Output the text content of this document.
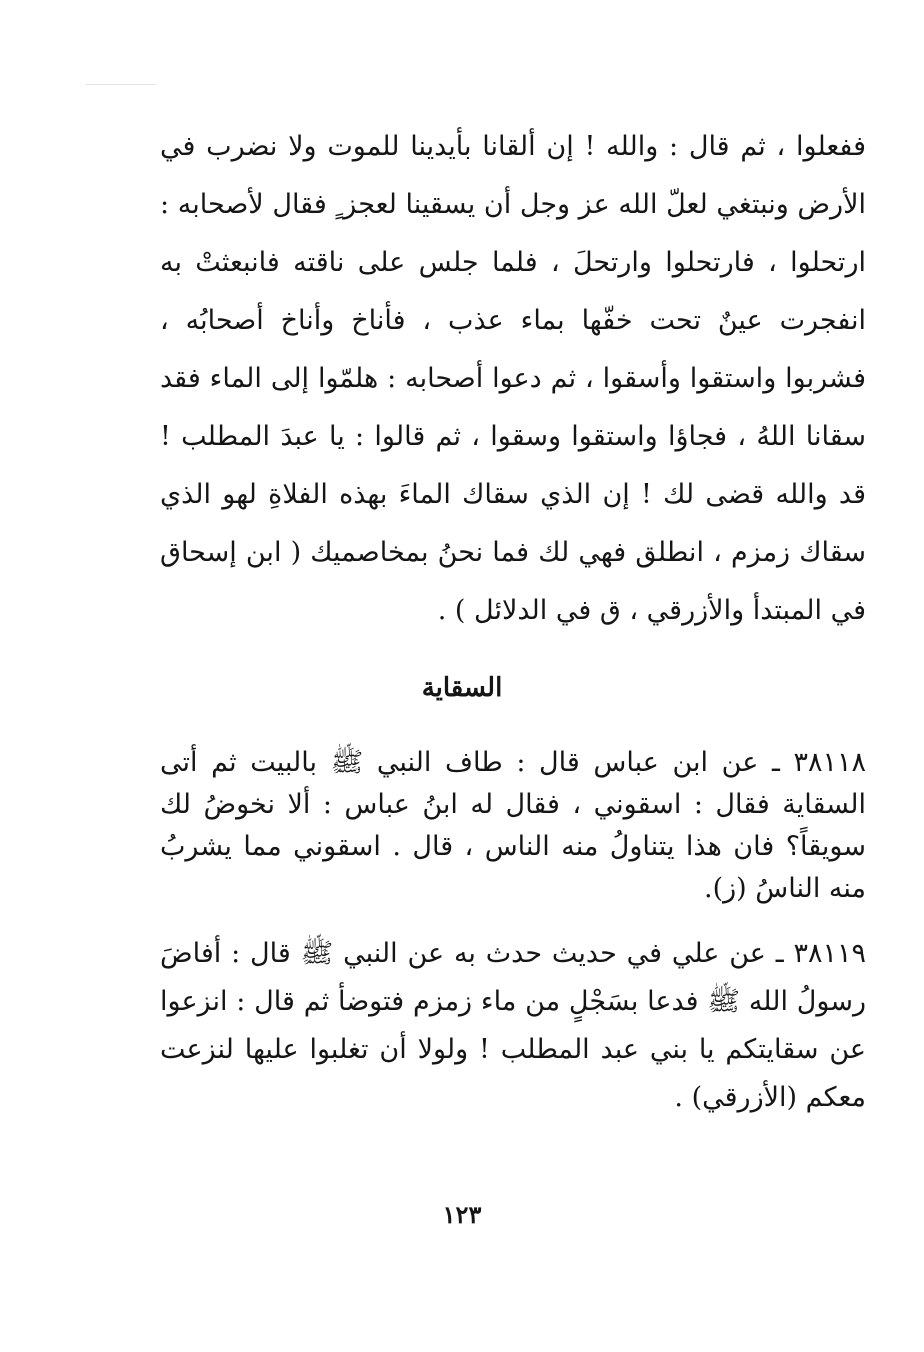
ففعلوا ، ثم قال : والله ! إن ألقانا بأيدينا للموت ولا نضرب في الأرض ونبتغي لعلّ الله عز وجل أن يسقينا لعجز ٍ فقال لأصحابه : ارتحلوا ، فارتحلوا وارتحلَ ، فلما جلس على ناقته فانبعثتْ به انفجرت عينٌ تحت خفّها بماء عذب ، فأناخ وأناخ أصحابُه ، فشربوا واستقوا وأسقوا ، ثم دعوا أصحابه : هلمّوا إلى الماء فقد سقانا اللهُ ، فجاؤا واستقوا وسقوا ، ثم قالوا : يا عبدَ المطلب ! قد والله قضى لك ! إن الذي سقاك الماءَ بهذه الفلاةِ لهو الذي سقاك زمزم ، انطلق فهي لك فما نحنُ بمخاصميك ( ابن إسحاق في المبتدأ والأزرقي ، ق في الدلائل ) .

السقاية

٣٨١١٨ ـ عن ابن عباس قال : طاف النبي ﷺ بالبيت ثم أتى السقاية فقال : اسقوني ، فقال له ابنُ عباس : ألا نخوضُ لك سويقاً؟ فان هذا يتناولُ منه الناس ، قال . اسقوني مما يشربُ منه الناسُ (ز).

٣٨١١٩ ـ عن علي في حديث حدث به عن النبي ﷺ قال : أفاضَ رسولُ الله ﷺ فدعا بسَجْلٍ من ماء زمزم فتوضأ ثم قال : انزعوا عن سقايتكم يا بني عبد المطلب ! ولولا أن تغلبوا عليها لنزعت معكم (الأزرقي) .

١٢٣
